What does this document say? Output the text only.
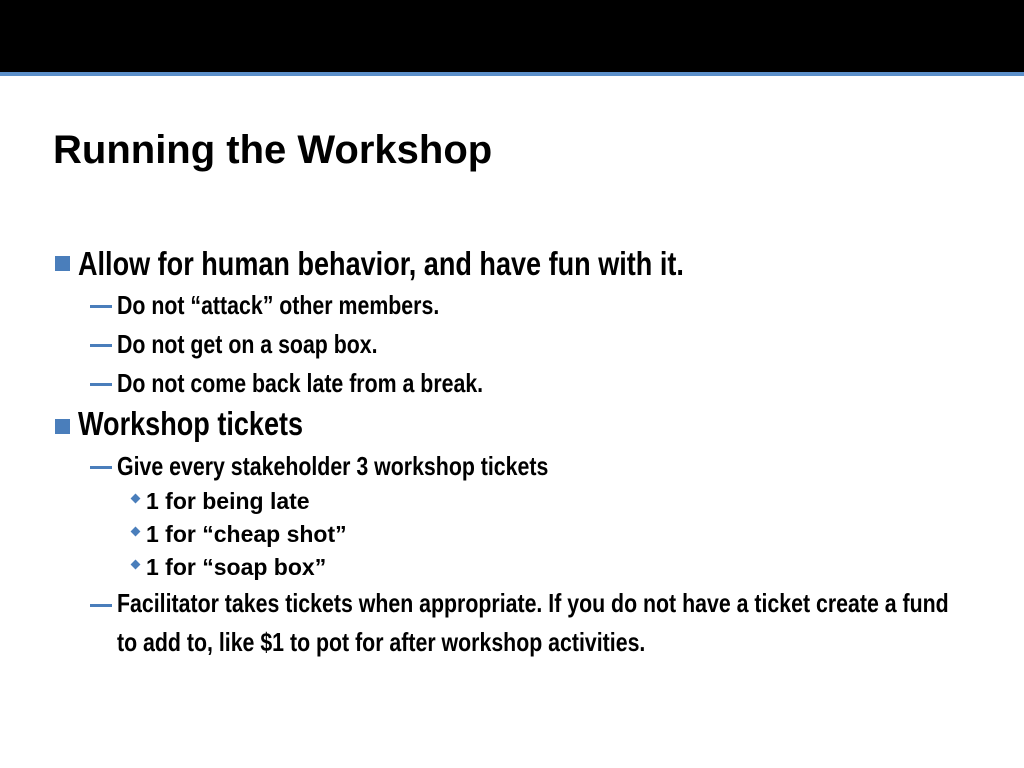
Running the Workshop
Allow for human behavior, and have fun with it.
Do not “attack” other members.
Do not get on a soap box.
Do not come back late from a break.
Workshop tickets
Give every stakeholder 3 workshop tickets
1 for being late
1 for “cheap shot”
1 for “soap box”
Facilitator takes tickets when appropriate. If you do not have a ticket create a fund to add to, like $1 to pot for after workshop activities.
